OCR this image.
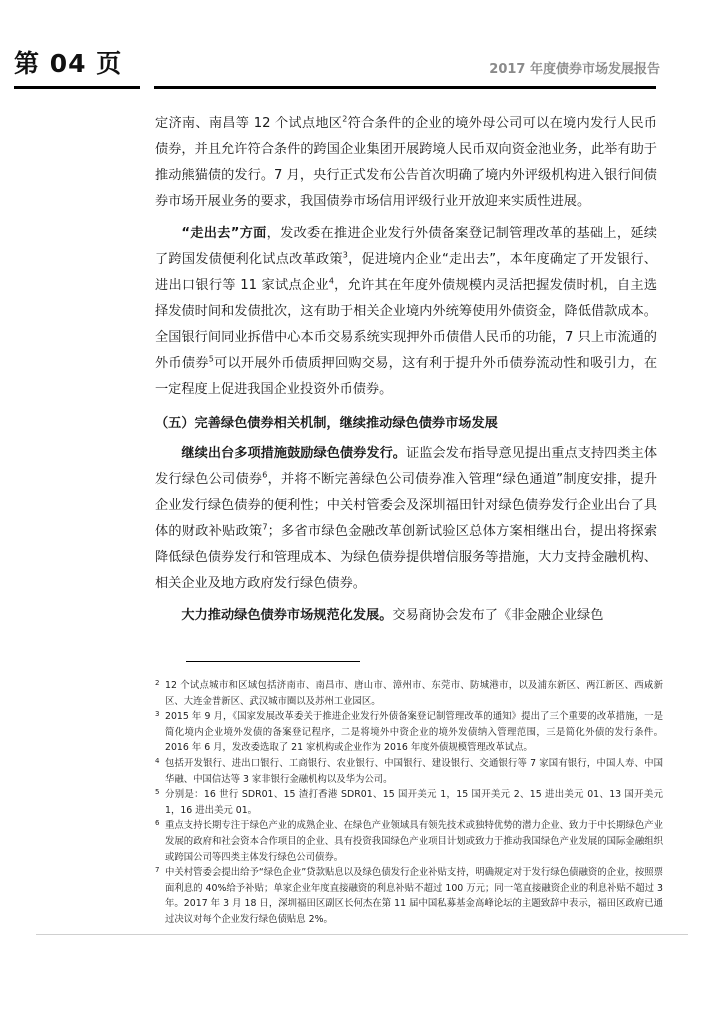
第 04 页	2017 年度债券市场发展报告

定济南、南昌等 12 个试点地区$^2$符合条件的企业的境外母公司可以在境内发行人民币债券，并且允许符合条件的跨国企业集团开展跨境人民币双向资金池业务，此举有助于推动熊猫债的发行。7 月，央行正式发布公告首次明确了境内外评级机构进入银行间债券市场开展业务的要求，我国债券市场信用评级行业开放迎来实质性进展。

“走出去”方面，发改委在推进企业发行外债备案登记制管理改革的基础上，延续了跨国发债便利化试点改革政策$^3$，促进境内企业“走出去”，本年度确定了开发银行、进出口银行等 11 家试点企业$^4$，允许其在年度外债规模内灵活把握发债时机，自主选择发债时间和发债批次，这有助于相关企业境内外统筹使用外债资金，降低借款成本。全国银行间同业拆借中心本币交易系统实现押外币债借人民币的功能，7 只上市流通的外币债券$^5$可以开展外币债质押回购交易，这有利于提升外币债券流动性和吸引力，在一定程度上促进我国企业投资外币债券。

（五）完善绿色债券相关机制，继续推动绿色债券市场发展

继续出台多项措施鼓励绿色债券发行。证监会发布指导意见提出重点支持四类主体发行绿色公司债券$^6$，并将不断完善绿色公司债券准入管理“绿色通道”制度安排，提升企业发行绿色债券的便利性；中关村管委会及深圳福田针对绿色债券发行企业出台了具体的财政补贴政策$^7$；多省市绿色金融改革创新试验区总体方案相继出台，提出将探索降低绿色债券发行和管理成本、为绿色债券提供增信服务等措施，大力支持金融机构、相关企业及地方政府发行绿色债券。

大力推动绿色债券市场规范化发展。交易商协会发布了《非金融企业绿色

2 12 个试点城市和区域包括济南市、南昌市、唐山市、漳州市、东莞市、防城港市，以及浦东新区、两江新区、西咸新区、大连金普新区、武汉城市圈以及苏州工业园区。

3 2015 年 9 月，《国家发展改革委关于推进企业发行外债备案登记制管理改革的通知》提出了三个重要的改革措施，一是简化境内企业境外发债的备案登记程序，二是将境外中资企业的境外发债纳入管理范围，三是简化外债的发行条件。2016 年 6 月，发改委选取了 21 家机构或企业作为 2016 年度外债规模管理改革试点。

4 包括开发银行、进出口银行、工商银行、农业银行、中国银行、建设银行、交通银行等 7 家国有银行，中国人寿、中国华融、中国信达等 3 家非银行金融机构以及华为公司。

5 分别是：16 世行 SDR01、15 渣打香港 SDR01、15 国开美元 1，15 国开美元 2、15 进出美元 01、13 国开美元 1，16 进出美元 01。

6 重点支持长期专注于绿色产业的成熟企业、在绿色产业领域具有领先技术或独特优势的潜力企业、致力于中长期绿色产业发展的政府和社会资本合作项目的企业、具有投资我国绿色产业项目计划或致力于推动我国绿色产业发展的国际金融组织或跨国公司等四类主体发行绿色公司债券。

7 中关村管委会提出给予“绿色企业”贷款贴息以及绿色债发行企业补贴支持，明确规定对于发行绿色债融资的企业，按照票面利息的 40%给予补贴；单家企业年度直接融资的利息补贴不超过 100 万元；同一笔直接融资企业的利息补贴不超过 3 年。2017 年 3 月 18 日，深圳福田区副区长何杰在第 11 届中国私募基金高峰论坛的主题致辞中表示，福田区政府已通过决议对每个企业发行绿色债贴息 2%。
